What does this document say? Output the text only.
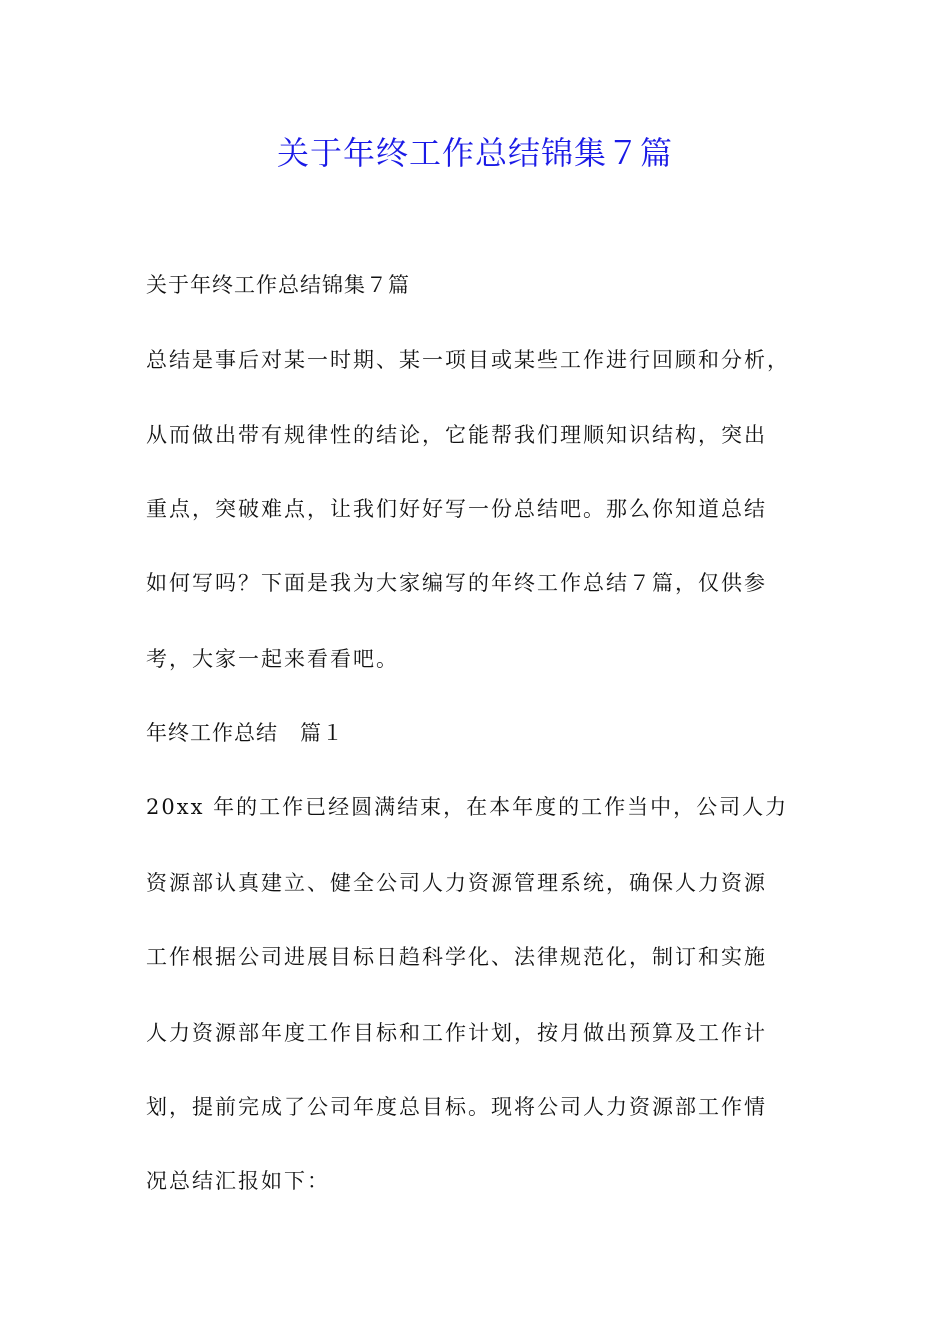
关于年终工作总结锦集７篇

关于年终工作总结锦集７篇

总结是事后对某一时期、某一项目或某些工作进行回顾和分析，

从而做出带有规律性的结论，它能帮我们理顺知识结构，突出

重点，突破难点，让我们好好写一份总结吧。那么你知道总结

如何写吗？下面是我为大家编写的年终工作总结７篇，仅供参

考，大家一起来看看吧。

年终工作总结　篇１

20xx 年的工作已经圆满结束，在本年度的工作当中，公司人力

资源部认真建立、健全公司人力资源管理系统，确保人力资源

工作根据公司进展目标日趋科学化、法律规范化，制订和实施

人力资源部年度工作目标和工作计划，按月做出预算及工作计

划，提前完成了公司年度总目标。现将公司人力资源部工作情

况总结汇报如下：
